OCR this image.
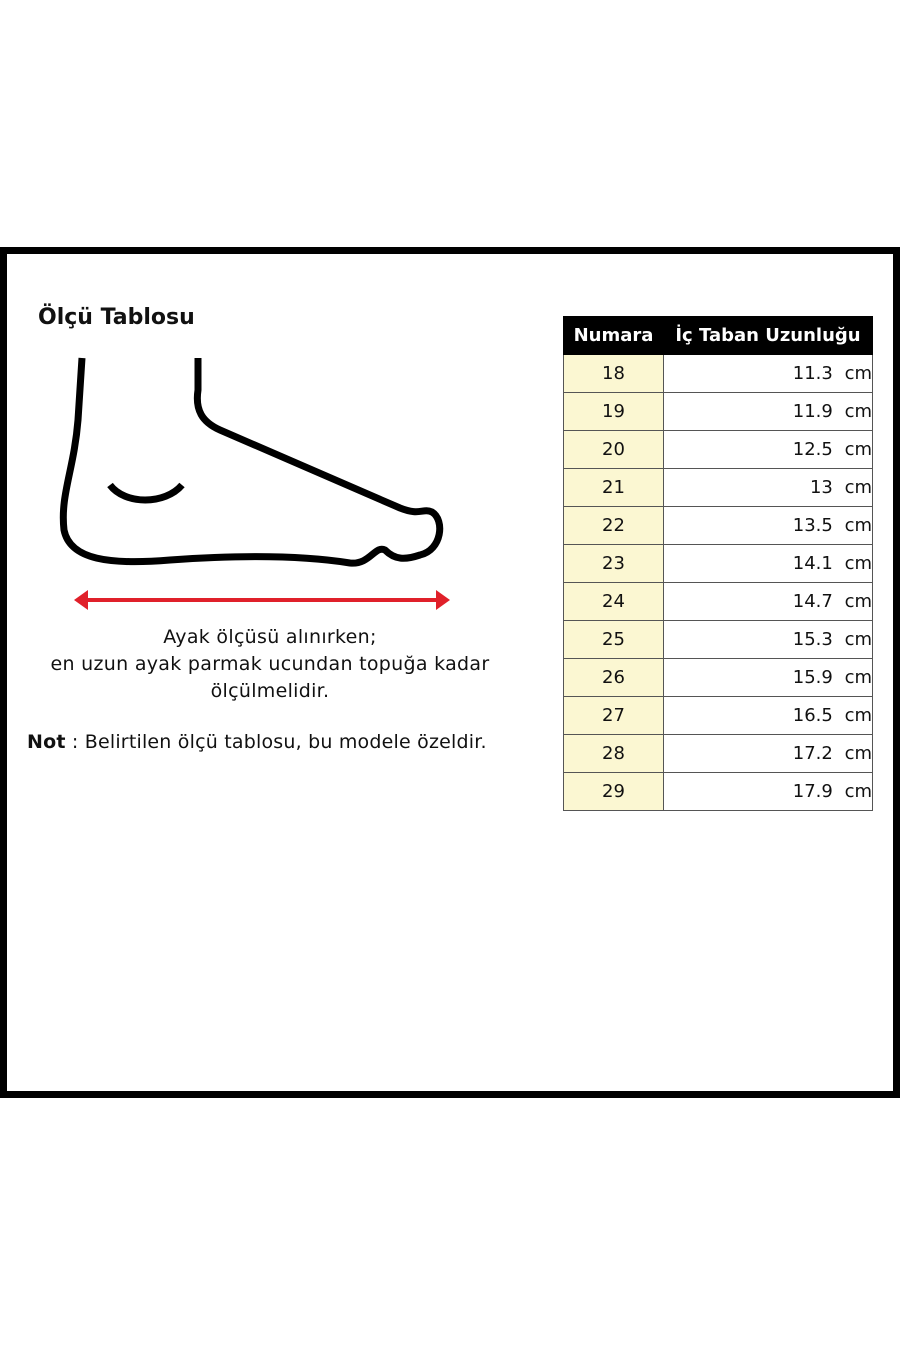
Ölçü Tablosu
Ayak ölçüsü alınırken;
en uzun ayak parmak ucundan topuğa kadar
ölçülmelidir.
Not : Belirtilen ölçü tablosu, bu modele özeldir.
Numara	İç Taban Uzunluğu
18	11.3 cm
19	11.9 cm
20	12.5 cm
21	13 cm
22	13.5 cm
23	14.1 cm
24	14.7 cm
25	15.3 cm
26	15.9 cm
27	16.5 cm
28	17.2 cm
29	17.9 cm
